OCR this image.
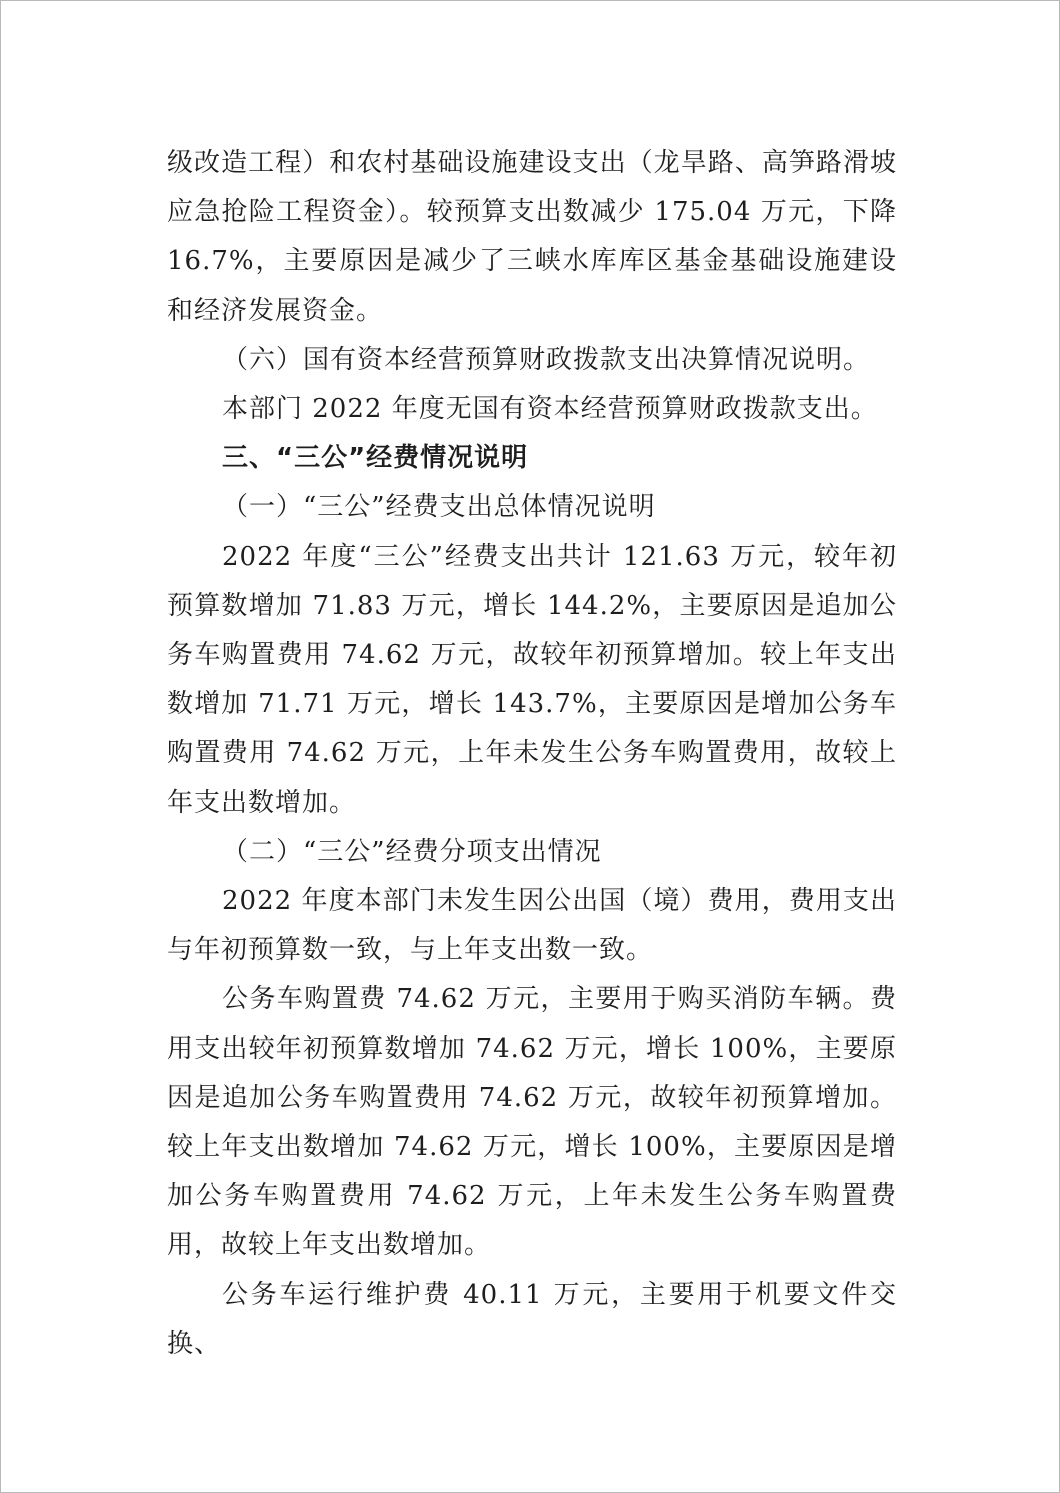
级改造工程）和农村基础设施建设支出（龙旱路、高笋路滑坡应急抢险工程资金）。较预算支出数减少 175.04 万元，下降 16.7%，主要原因是减少了三峡水库库区基金基础设施建设和经济发展资金。

（六）国有资本经营预算财政拨款支出决算情况说明。

本部门 2022 年度无国有资本经营预算财政拨款支出。

三、“三公”经费情况说明

（一）“三公”经费支出总体情况说明

2022 年度“三公”经费支出共计 121.63 万元，较年初预算数增加 71.83 万元，增长 144.2%，主要原因是追加公务车购置费用 74.62 万元，故较年初预算增加。较上年支出数增加 71.71 万元，增长 143.7%，主要原因是增加公务车购置费用 74.62 万元，上年未发生公务车购置费用，故较上年支出数增加。

（二）“三公”经费分项支出情况

2022 年度本部门未发生因公出国（境）费用，费用支出与年初预算数一致，与上年支出数一致。

公务车购置费 74.62 万元，主要用于购买消防车辆。费用支出较年初预算数增加 74.62 万元，增长 100%，主要原因是追加公务车购置费用 74.62 万元，故较年初预算增加。较上年支出数增加 74.62 万元，增长 100%，主要原因是增加公务车购置费用 74.62 万元，上年未发生公务车购置费用，故较上年支出数增加。

公务车运行维护费 40.11 万元，主要用于机要文件交换、
